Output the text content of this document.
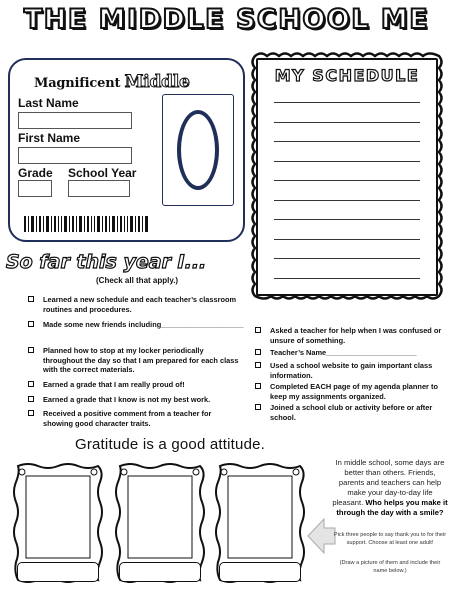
THE MIDDLE SCHOOL ME
Magnificent Middle
Last Name
First Name
Grade School Year
MY SCHEDULE
So far this year I...
(Check all that apply.)
Learned a new schedule and each teacher’s classroom
routines and procedures.
Made some new friends including____________________
Planned how to stop at my locker periodically
throughout the day so that I am prepared for each class
with the correct materials.
Earned a grade that I am really proud of!
Earned a grade that I know is not my best work.
Received a positive comment from a teacher for
showing good character traits.
Asked a teacher for help when I was confused or
unsure of something.
Teacher’s Name______________________
Used a school website to gain important class
information.
Completed EACH page of my agenda planner to
keep my assignments organized.
Joined a school club or activity before or after
school.
Gratitude is a good attitude.
In middle school, some days are better than others. Friends, parents and teachers can help make your day-to-day life pleasant. Who helps you make it through the day with a smile?
Pick three people to say thank you to for their support. Choose at least one adult!
(Draw a picture of them and include their name below.)
